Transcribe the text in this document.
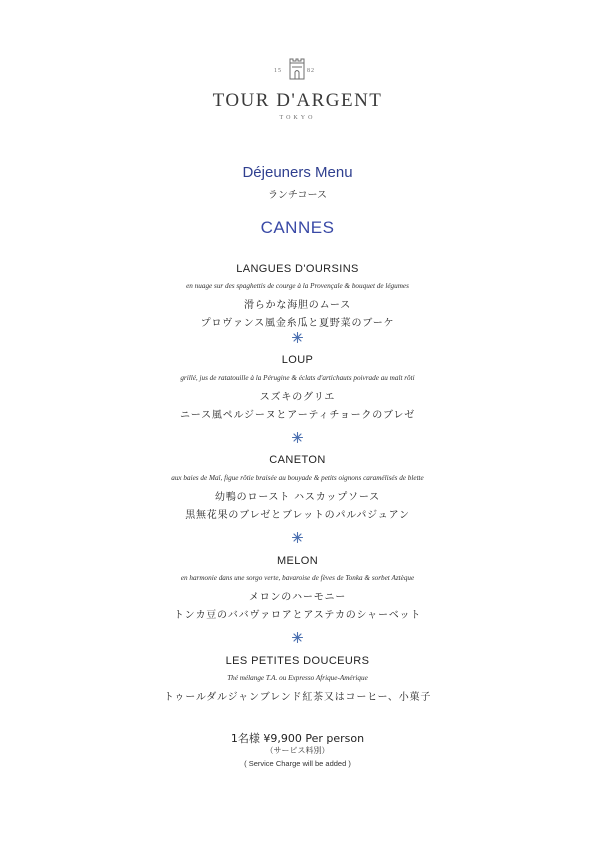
15	82
TOUR D'ARGENT
TOKYO
Déjeuners Menu
ランチコース
CANNES
LANGUES D'OURSINS
en nuage sur des spaghettis de courge à la Provençale & bouquet de légumes
滑らかな海胆のムース
プロヴァンス風金糸瓜と夏野菜のブーケ
LOUP
grillé, jus de ratatouille à la Pérugine & éclats d'artichauts poivrade au malt rôti
スズキのグリエ
ニース風ペルジーヌとアーティチョークのブレゼ
CANETON
aux baies de Maï, figue rôtie braisée au bouyade & petits oignons caramélisés de blette
幼鴨のロースト ハスカップソース
黒無花果のブレゼとブレットのパルパジュアン
MELON
en harmonie dans une sorgo verte, bavaroise de fèves de Tonka & sorbet Aztèque
メロンのハーモニー
トンカ豆のババヴァロアとアステカのシャーベット
LES PETITES DOUCEURS
Thé mélange T.A. ou Expresso Afrique-Amérique
トゥールダルジャンブレンド紅茶又はコーヒー、小菓子
1名様 ¥9,900 Per person
（サービス料別）
( Service Charge will be added )
